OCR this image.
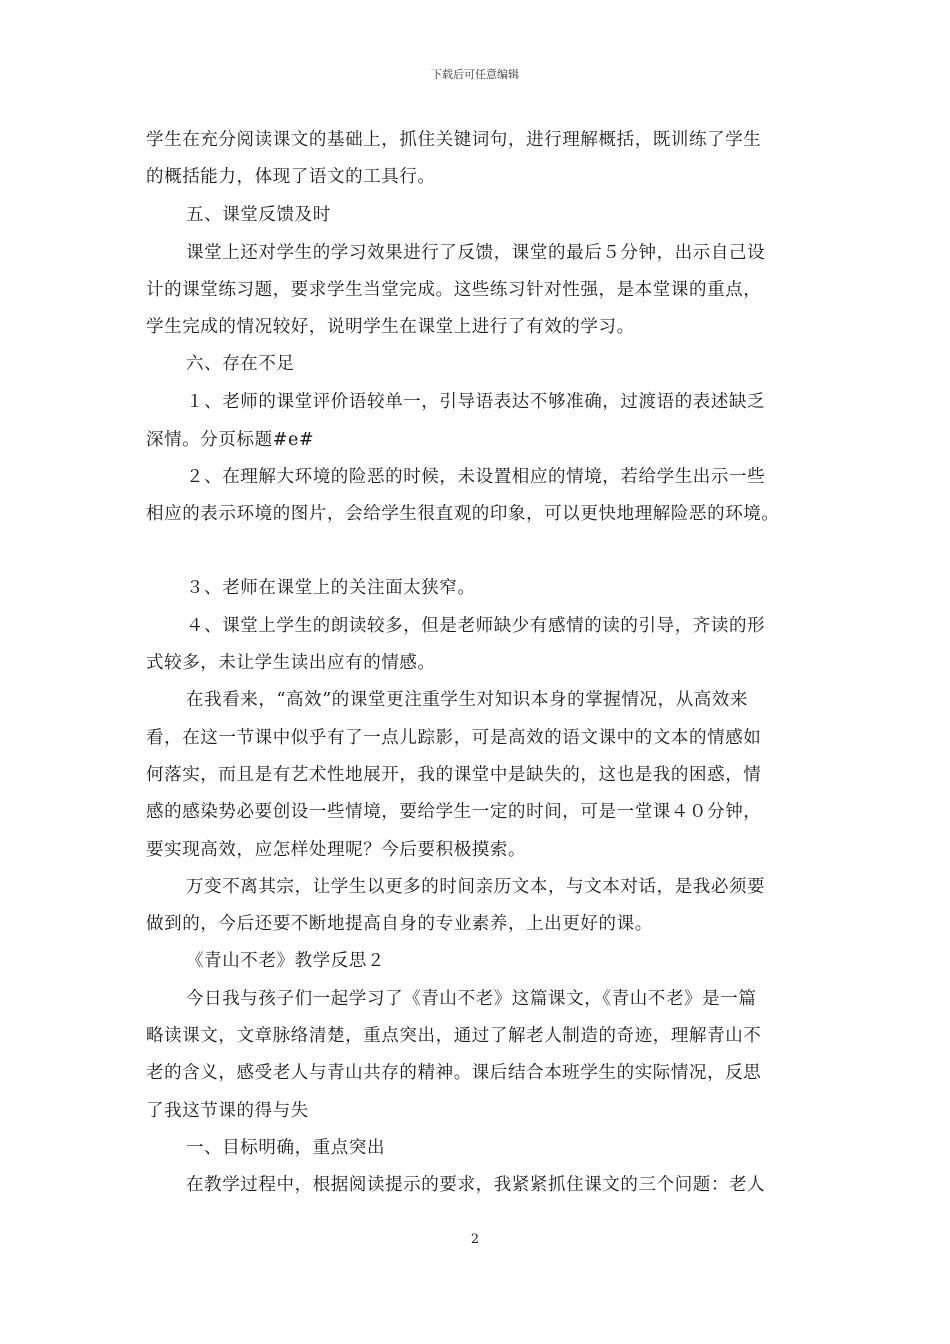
下载后可任意编辑
学生在充分阅读课文的基础上，抓住关键词句，进行理解概括，既训练了学生
的概括能力，体现了语文的工具行。
五、课堂反馈及时
课堂上还对学生的学习效果进行了反馈，课堂的最后５分钟，出示自己设
计的课堂练习题，要求学生当堂完成。这些练习针对性强，是本堂课的重点，
学生完成的情况较好，说明学生在课堂上进行了有效的学习。
六、存在不足
１、老师的课堂评价语较单一，引导语表达不够准确，过渡语的表述缺乏
深情。分页标题#e#
２、在理解大环境的险恶的时候，未设置相应的情境，若给学生出示一些
相应的表示环境的图片，会给学生很直观的印象，可以更快地理解险恶的环境。
３、老师在课堂上的关注面太狭窄。
４、课堂上学生的朗读较多，但是老师缺少有感情的读的引导，齐读的形
式较多，未让学生读出应有的情感。
在我看来，“高效”的课堂更注重学生对知识本身的掌握情况，从高效来
看，在这一节课中似乎有了一点儿踪影，可是高效的语文课中的文本的情感如
何落实，而且是有艺术性地展开，我的课堂中是缺失的，这也是我的困惑，情
感的感染势必要创设一些情境，要给学生一定的时间，可是一堂课４０分钟，
要实现高效，应怎样处理呢？今后要积极摸索。
万变不离其宗，让学生以更多的时间亲历文本，与文本对话，是我必须要
做到的，今后还要不断地提高自身的专业素养，上出更好的课。
《青山不老》教学反思２
今日我与孩子们一起学习了《青山不老》这篇课文，《青山不老》是一篇
略读课文，文章脉络清楚，重点突出，通过了解老人制造的奇迹，理解青山不
老的含义，感受老人与青山共存的精神。课后结合本班学生的实际情况，反思
了我这节课的得与失
一、目标明确，重点突出
在教学过程中，根据阅读提示的要求，我紧紧抓住课文的三个问题：老人
2
